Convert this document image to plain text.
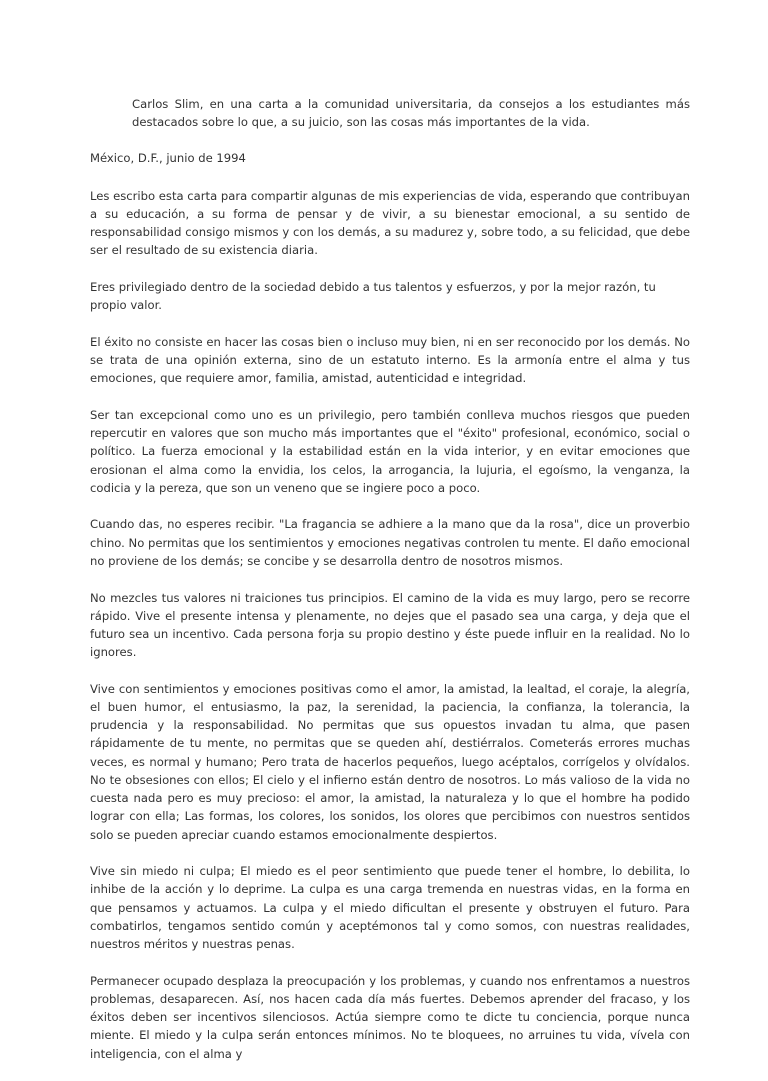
Carlos Slim, en una carta a la comunidad universitaria, da consejos a los estudiantes más destacados sobre lo que, a su juicio, son las cosas más importantes de la vida.

México, D.F., junio de 1994

Les escribo esta carta para compartir algunas de mis experiencias de vida, esperando que contribuyan a su educación, a su forma de pensar y de vivir, a su bienestar emocional, a su sentido de responsabilidad consigo mismos y con los demás, a su madurez y, sobre todo, a su felicidad, que debe ser el resultado de su existencia diaria.

Eres privilegiado dentro de la sociedad debido a tus talentos y esfuerzos, y por la mejor razón, tu propio valor.

El éxito no consiste en hacer las cosas bien o incluso muy bien, ni en ser reconocido por los demás. No se trata de una opinión externa, sino de un estatuto interno. Es la armonía entre el alma y tus emociones, que requiere amor, familia, amistad, autenticidad e integridad.

Ser tan excepcional como uno es un privilegio, pero también conlleva muchos riesgos que pueden repercutir en valores que son mucho más importantes que el "éxito" profesional, económico, social o político. La fuerza emocional y la estabilidad están en la vida interior, y en evitar emociones que erosionan el alma como la envidia, los celos, la arrogancia, la lujuria, el egoísmo, la venganza, la codicia y la pereza, que son un veneno que se ingiere poco a poco.

Cuando das, no esperes recibir. "La fragancia se adhiere a la mano que da la rosa", dice un proverbio chino. No permitas que los sentimientos y emociones negativas controlen tu mente. El daño emocional no proviene de los demás; se concibe y se desarrolla dentro de nosotros mismos.

No mezcles tus valores ni traiciones tus principios. El camino de la vida es muy largo, pero se recorre rápido. Vive el presente intensa y plenamente, no dejes que el pasado sea una carga, y deja que el futuro sea un incentivo. Cada persona forja su propio destino y éste puede influir en la realidad. No lo ignores.

Vive con sentimientos y emociones positivas como el amor, la amistad, la lealtad, el coraje, la alegría, el buen humor, el entusiasmo, la paz, la serenidad, la paciencia, la confianza, la tolerancia, la prudencia y la responsabilidad. No permitas que sus opuestos invadan tu alma, que pasen rápidamente de tu mente, no permitas que se queden ahí, destiérralos. Cometerás errores muchas veces, es normal y humano; Pero trata de hacerlos pequeños, luego acéptalos, corrígelos y olvídalos. No te obsesiones con ellos; El cielo y el infierno están dentro de nosotros. Lo más valioso de la vida no cuesta nada pero es muy precioso: el amor, la amistad, la naturaleza y lo que el hombre ha podido lograr con ella; Las formas, los colores, los sonidos, los olores que percibimos con nuestros sentidos solo se pueden apreciar cuando estamos emocionalmente despiertos.

Vive sin miedo ni culpa; El miedo es el peor sentimiento que puede tener el hombre, lo debilita, lo inhibe de la acción y lo deprime. La culpa es una carga tremenda en nuestras vidas, en la forma en que pensamos y actuamos. La culpa y el miedo dificultan el presente y obstruyen el futuro. Para combatirlos, tengamos sentido común y aceptémonos tal y como somos, con nuestras realidades, nuestros méritos y nuestras penas.

Permanecer ocupado desplaza la preocupación y los problemas, y cuando nos enfrentamos a nuestros problemas, desaparecen. Así, nos hacen cada día más fuertes. Debemos aprender del fracaso, y los éxitos deben ser incentivos silenciosos. Actúa siempre como te dicte tu conciencia, porque nunca miente. El miedo y la culpa serán entonces mínimos. No te bloquees, no arruines tu vida, vívela con inteligencia, con el alma y
